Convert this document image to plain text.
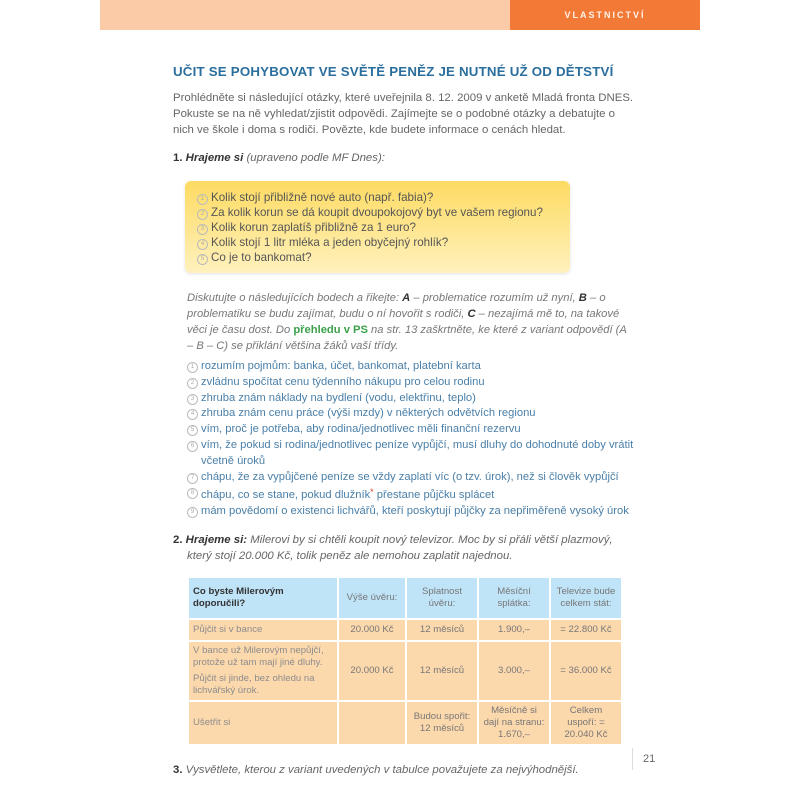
VLASTNICTVÍ
UČIT SE POHYBOVAT VE SVĚTĚ PENĚZ JE NUTNÉ UŽ OD DĚTSTVÍ
Prohlédněte si následující otázky, které uveřejnila 8. 12. 2009 v anketě Mladá fronta DNES. Pokuste se na ně vyhledat/zjistit odpovědi. Zajímejte se o podobné otázky a debatujte o nich ve škole i doma s rodiči. Povězte, kde budete informace o cenách hledat.
1. Hrajeme si (upraveno podle MF Dnes):
1 Kolik stojí přibližně nové auto (např. fabia)?
2 Za kolik korun se dá koupit dvoupokojový byt ve vašem regionu?
3 Kolik korun zaplatíš přibližně za 1 euro?
4 Kolik stojí 1 litr mléka a jeden obyčejný rohlík?
5 Co je to bankomat?
Diskutujte o následujících bodech a řikejte: A – problematice rozumím už nyní, B – o problematiku se budu zajímat, budu o ní hovořit s rodiči, C – nezajímá mě to, na takové věci je času dost. Do přehledu v PS na str. 13 zaškrtněte, ke které z variant odpovědí (A – B – C) se přiklání většina žáků vaší třídy.
1 rozumím pojmům: banka, účet, bankomat, platební karta
2 zvládnu spočítat cenu týdenního nákupu pro celou rodinu
3 zhruba znám náklady na bydlení (vodu, elektřinu, teplo)
4 zhruba znám cenu práce (výši mzdy) v některých odvětvích regionu
5 vím, proč je potřeba, aby rodina/jednotlivec měli finanční rezervu
6 vím, že pokud si rodina/jednotlivec peníze vypůjčí, musí dluhy do dohodnuté doby vrátit včetně úroků
7 chápu, že za vypůjčené peníze se vždy zaplatí víc (o tzv. úrok), než si člověk vypůjčí
8 chápu, co se stane, pokud dlužník* přestane půjčku splácet
9 mám povědomí o existenci lichvářů, kteří poskytují půjčky za nepřiměřeně vysoký úrok
2. Hrajeme si: Milerovi by si chtěli koupit nový televizor. Moc by si přáli větší plazmový, který stojí 20.000 Kč, tolik peněz ale nemohou zaplatit najednou.
Co byste Milerovým doporučili?	Výše úvěru:	Splatnost úvěru:	Měsíční splátka:	Televize bude celkem stát:
Půjčit si v bance	20.000 Kč	12 měsíců	1.900,–	= 22.800 Kč

V bance už Milerovým nepůjčí, protože už tam mají jiné dluhy.
Půjčit si jinde, bez ohledu na lichvářský úrok.	20.000 Kč	12 měsíců	3.000,–	= 36.000 Kč
Ušetřit si		Budou spořit: 12 měsíců	Měsíčně si dají na stranu: 1.670,–	Celkem uspoří: = 20.040 Kč
3. Vysvětlete, kterou z variant uvedených v tabulce považujete za nejvýhodnější.
21
